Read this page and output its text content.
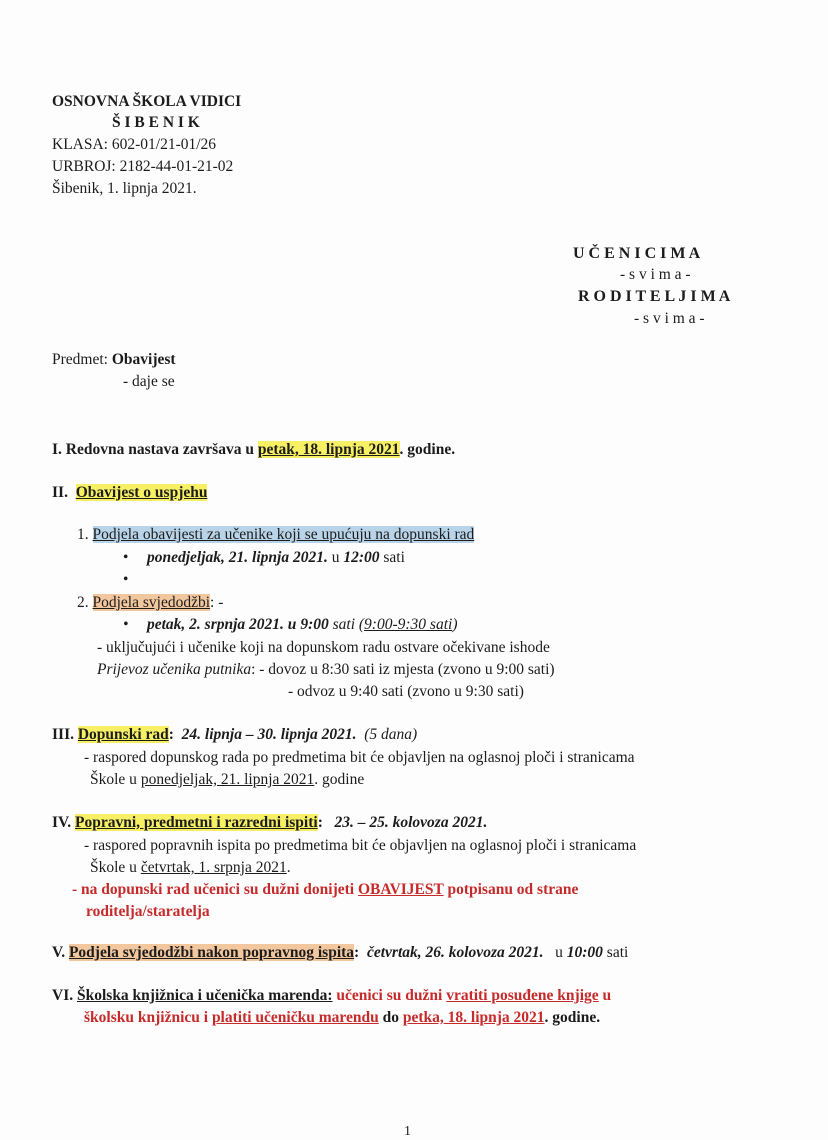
OSNOVNA ŠKOLA VIDICI
Š I B E N I K
KLASA: 602-01/21-01/26
URBROJ: 2182-44-01-21-02
Šibenik, 1. lipnja 2021.
U Č E N I C I M A
- s v i m a -
R O D I T E L J I M A
- s v i m a -
Predmet: Obavijest
- daje se
I. Redovna nastava završava u petak, 18. lipnja 2021. godine.
II. Obavijest o uspjehu
1. Podjela obavijesti za učenike koji se upućuju na dopunski rad
• ponedjeljak, 21. lipnja 2021. u 12:00 sati
2. Podjela svjedodžbi: -
• petak, 2. srpnja 2021. u 9:00 sati (9:00-9:30 sati)
- uključujući i učenike koji na dopunskom radu ostvare očekivane ishode
Prijevoz učenika putnika: - dovoz u 8:30 sati iz mjesta (zvono u 9:00 sati)
- odvoz u 9:40 sati (zvono u 9:30 sati)
III. Dopunski rad: 24. lipnja – 30. lipnja 2021. (5 dana)
- raspored dopunskog rada po predmetima bit će objavljen na oglasnoj ploči i stranicama
Škole u ponedjeljak, 21. lipnja 2021. godine
IV. Popravni, predmetni i razredni ispiti: 23. – 25. kolovoza 2021.
- raspored popravnih ispita po predmetima bit će objavljen na oglasnoj ploči i stranicama
Škole u četvrtak, 1. srpnja 2021.
- na dopunski rad učenici su dužni donijeti OBAVIJEST potpisanu od strane
roditelja/staratelja
V. Podjela svjedodžbi nakon popravnog ispita: četvrtak, 26. kolovoza 2021. u 10:00 sati
VI. Školska knjižnica i učenička marenda: učenici su dužni vratiti posuđene knjige u
školsku knjižnicu i platiti učeničku marendu do petka, 18. lipnja 2021. godine.
1
